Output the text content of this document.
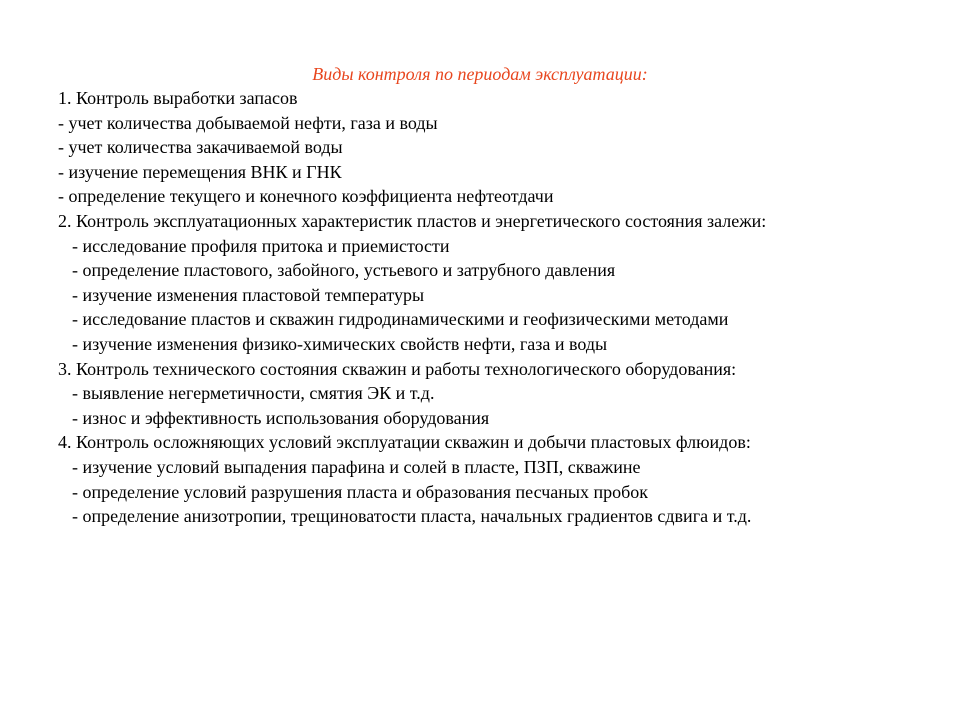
Виды контроля по периодам эксплуатации:
1. Контроль выработки запасов
- учет количества добываемой нефти, газа и воды
- учет количества закачиваемой воды
- изучение перемещения ВНК и ГНК
- определение текущего и конечного коэффициента нефтеотдачи
2. Контроль эксплуатационных характеристик пластов и энергетического состояния залежи:
- исследование профиля притока и приемистости
- определение пластового, забойного, устьевого и затрубного давления
- изучение изменения пластовой температуры
- исследование пластов и скважин гидродинамическими и геофизическими методами
- изучение изменения физико-химических свойств нефти, газа и воды
3. Контроль технического состояния скважин и работы технологического оборудования:
- выявление негерметичности, смятия ЭК и т.д.
- износ и эффективность использования оборудования
4. Контроль осложняющих условий эксплуатации скважин и добычи пластовых флюидов:
- изучение условий выпадения парафина и солей в пласте, ПЗП, скважине
- определение условий разрушения пласта и образования песчаных пробок
- определение анизотропии, трещиноватости пласта, начальных градиентов сдвига и т.д.
